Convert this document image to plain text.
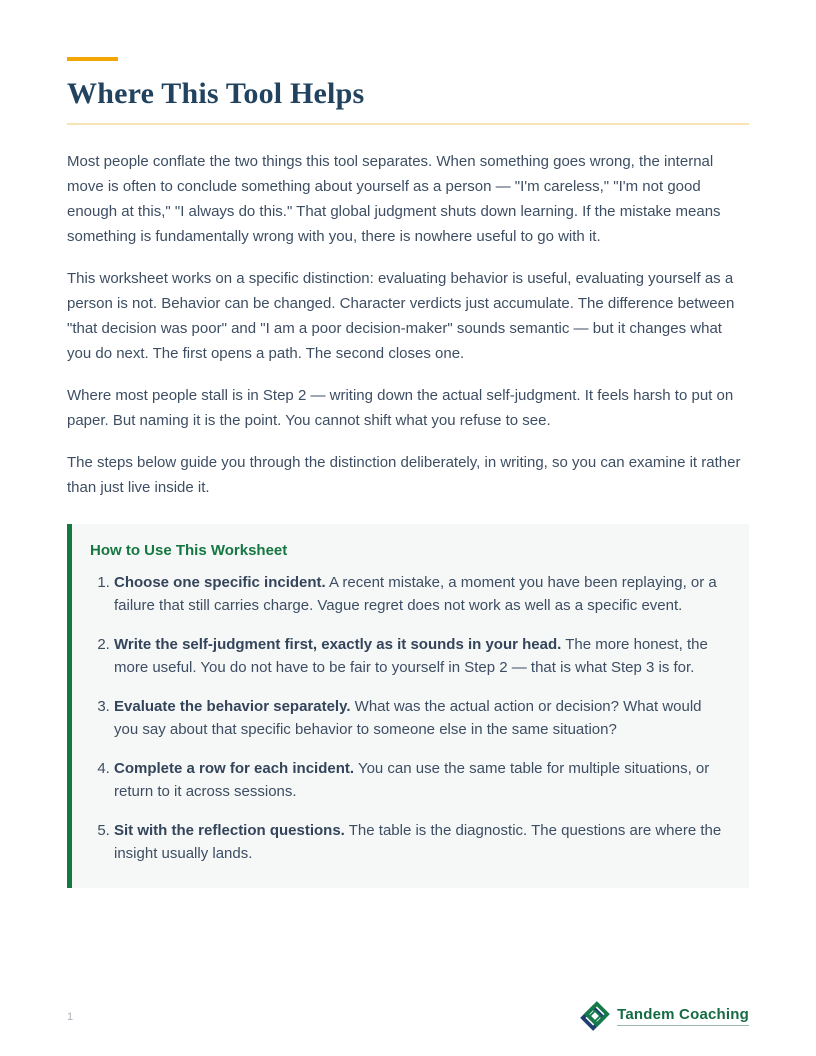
Where This Tool Helps

Most people conflate the two things this tool separates. When something goes wrong, the internal move is often to conclude something about yourself as a person — "I'm careless," "I'm not good enough at this," "I always do this." That global judgment shuts down learning. If the mistake means something is fundamentally wrong with you, there is nowhere useful to go with it.

This worksheet works on a specific distinction: evaluating behavior is useful, evaluating yourself as a person is not. Behavior can be changed. Character verdicts just accumulate. The difference between "that decision was poor" and "I am a poor decision-maker" sounds semantic — but it changes what you do next. The first opens a path. The second closes one.

Where most people stall is in Step 2 — writing down the actual self-judgment. It feels harsh to put on paper. But naming it is the point. You cannot shift what you refuse to see.

The steps below guide you through the distinction deliberately, in writing, so you can examine it rather than just live inside it.

How to Use This Worksheet
1. Choose one specific incident. A recent mistake, a moment you have been replaying, or a failure that still carries charge. Vague regret does not work as well as a specific event.
2. Write the self-judgment first, exactly as it sounds in your head. The more honest, the more useful. You do not have to be fair to yourself in Step 2 — that is what Step 3 is for.
3. Evaluate the behavior separately. What was the actual action or decision? What would you say about that specific behavior to someone else in the same situation?
4. Complete a row for each incident. You can use the same table for multiple situations, or return to it across sessions.
5. Sit with the reflection questions. The table is the diagnostic. The questions are where the insight usually lands.
1	Tandem Coaching
